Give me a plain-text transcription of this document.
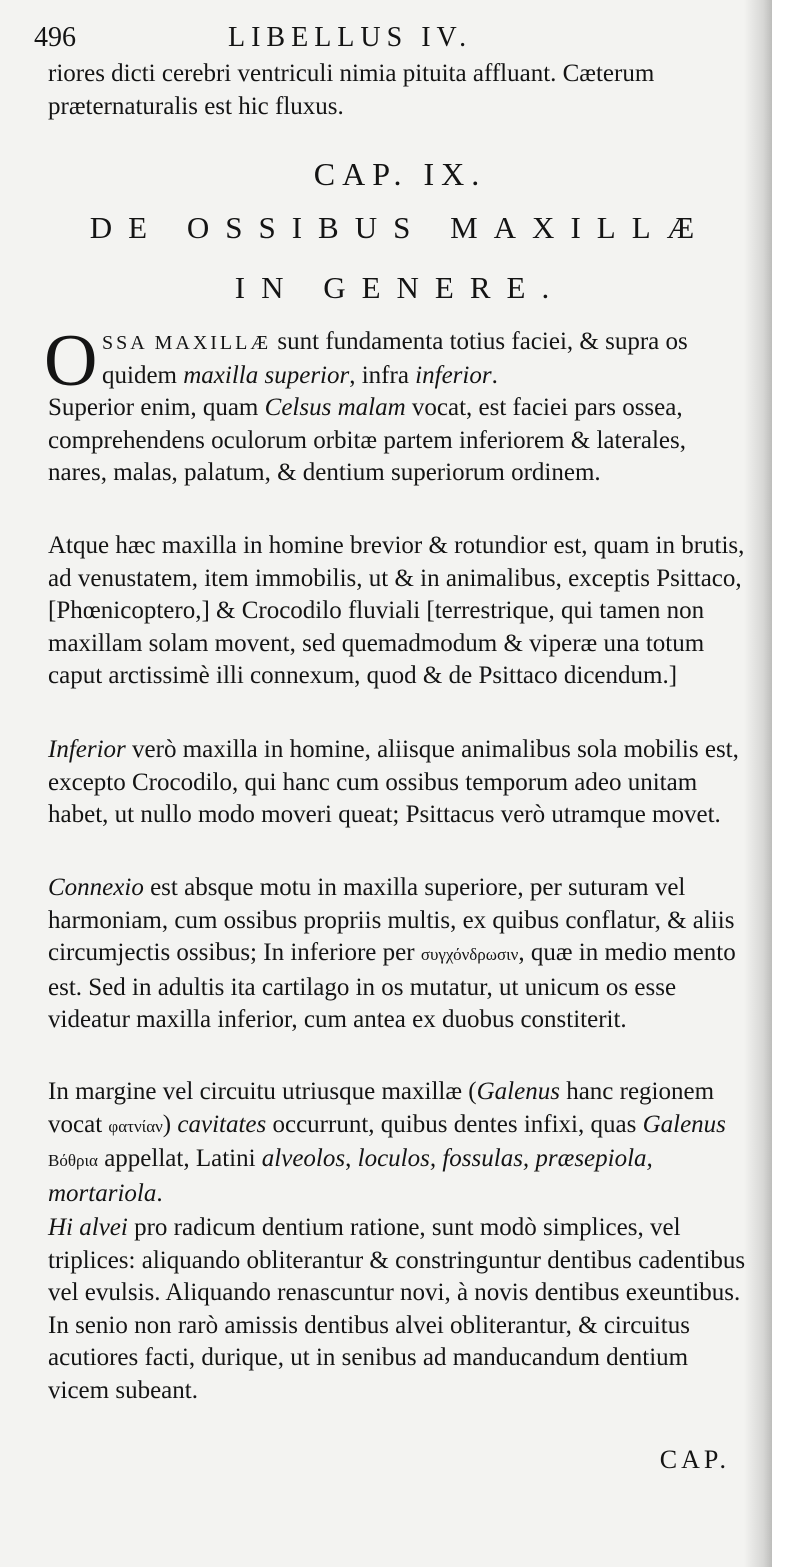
496	LIBELLUS IV.

riores dicti cerebri ventriculi nimia pituita affluant. Cæterum præternaturalis est hic fluxus.

CAP. IX.
DE OSSIBUS MAXILLÆ
IN GENERE.
O SSA MAXILLÆ sunt fundamenta totius faciei, & supra os quidem maxilla superior, infra inferior.

Superior enim, quam Celsus malam vocat, est faciei pars ossea, comprehendens oculorum orbitæ partem inferiorem & laterales, nares, malas, palatum, & dentium superiorum ordinem.

Atque hæc maxilla in homine brevior & rotundior est, quam in brutis, ad venustatem, item immobilis, ut & in animalibus, exceptis Psittaco, [Phœnicoptero,] & Crocodilo fluviali [terrestrique, qui tamen non maxillam solam movent, sed quemadmodum & viperæ una totum caput arctissimè illi connexum, quod & de Psittaco dicendum.]

Inferior verò maxilla in homine, aliisque animalibus sola mobilis est, excepto Crocodilo, qui hanc cum ossibus temporum adeo unitam habet, ut nullo modo moveri queat; Psittacus verò utramque movet.

Connexio est absque motu in maxilla superiore, per suturam vel harmoniam, cum ossibus propriis multis, ex quibus conflatur, & aliis circumjectis ossibus; In inferiore per συγχόνδρωσιν, quæ in medio mento est. Sed in adultis ita cartilago in os mutatur, ut unicum os esse videatur maxilla inferior, cum antea ex duobus constiterit.

In margine vel circuitu utriusque maxillæ (Galenus hanc regionem vocat φατνίαν) cavitates occurrunt, quibus dentes infixi, quas Galenus Βόθρια appellat, Latini alveolos, loculos, fossulas, præsepiola, mortariola.

Hi alvei pro radicum dentium ratione, sunt modò simplices, vel triplices: aliquando obliterantur & constringuntur dentibus cadentibus vel evulsis. Aliquando renascuntur novi, à novis dentibus exeuntibus. In senio non rarò amissis dentibus alvei obliterantur, & circuitus acutiores facti, durique, ut in senibus ad manducandum dentium vicem subeant.

CAP.
